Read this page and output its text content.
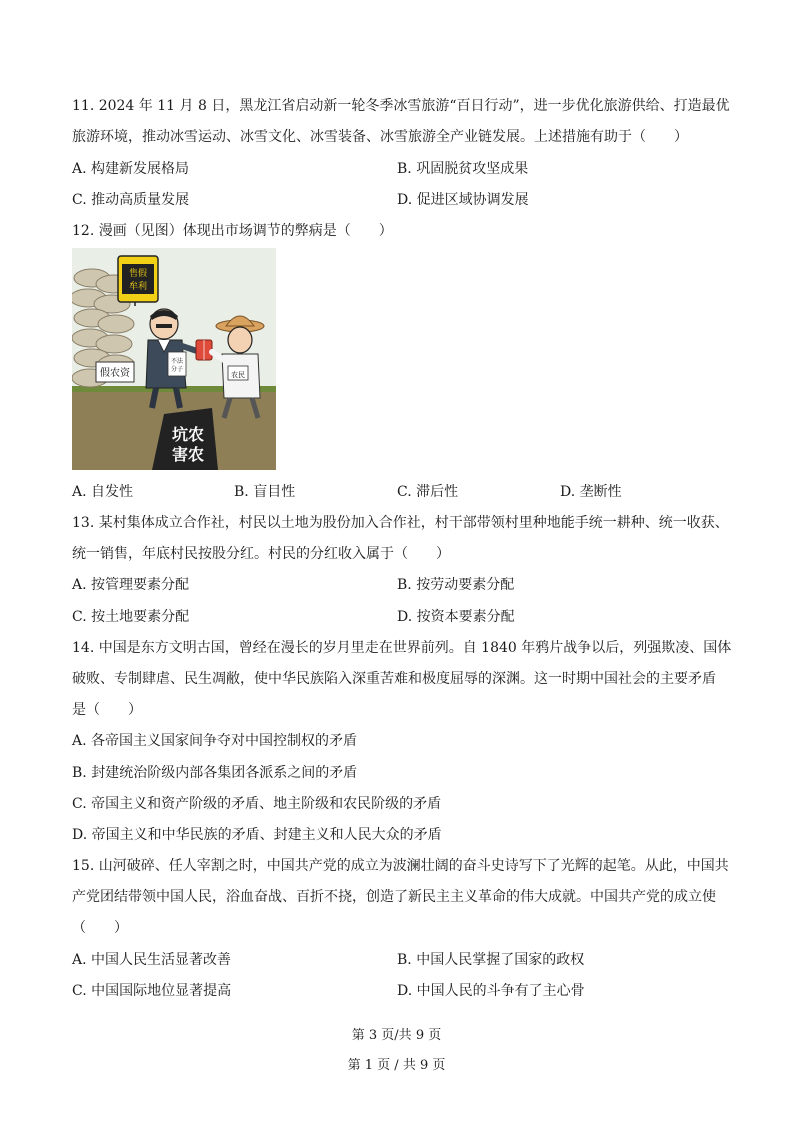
11. 2024 年 11 月 8 日，黑龙江省启动新一轮冬季冰雪旅游“百日行动”，进一步优化旅游供给、打造最优
旅游环境，推动冰雪运动、冰雪文化、冰雪装备、冰雪旅游全产业链发展。上述措施有助于（　　）
A. 构建新发展格局	B. 巩固脱贫攻坚成果
C. 推动高质量发展	D. 促进区域协调发展
12. 漫画（见图）体现出市场调节的弊病是（　　）
假农资
售假
牟利
不法
分子
农民
坑农
害农
A. 自发性	B. 盲目性	C. 滞后性	D. 垄断性
13. 某村集体成立合作社，村民以土地为股份加入合作社，村干部带领村里种地能手统一耕种、统一收获、
统一销售，年底村民按股分红。村民的分红收入属于（　　）
A. 按管理要素分配	B. 按劳动要素分配
C. 按土地要素分配	D. 按资本要素分配
14. 中国是东方文明古国，曾经在漫长的岁月里走在世界前列。自 1840 年鸦片战争以后，列强欺凌、国体
破败、专制肆虐、民生凋敝，使中华民族陷入深重苦难和极度屈辱的深渊。这一时期中国社会的主要矛盾
是（　　）
A. 各帝国主义国家间争夺对中国控制权的矛盾
B. 封建统治阶级内部各集团各派系之间的矛盾
C. 帝国主义和资产阶级的矛盾、地主阶级和农民阶级的矛盾
D. 帝国主义和中华民族的矛盾、封建主义和人民大众的矛盾
15. 山河破碎、任人宰割之时，中国共产党的成立为波澜壮阔的奋斗史诗写下了光辉的起笔。从此，中国共
产党团结带领中国人民，浴血奋战、百折不挠，创造了新民主主义革命的伟大成就。中国共产党的成立使
（　　）
A. 中国人民生活显著改善	B. 中国人民掌握了国家的政权
C. 中国国际地位显著提高	D. 中国人民的斗争有了主心骨
第 3 页/共 9 页
第 1 页 / 共 9 页
